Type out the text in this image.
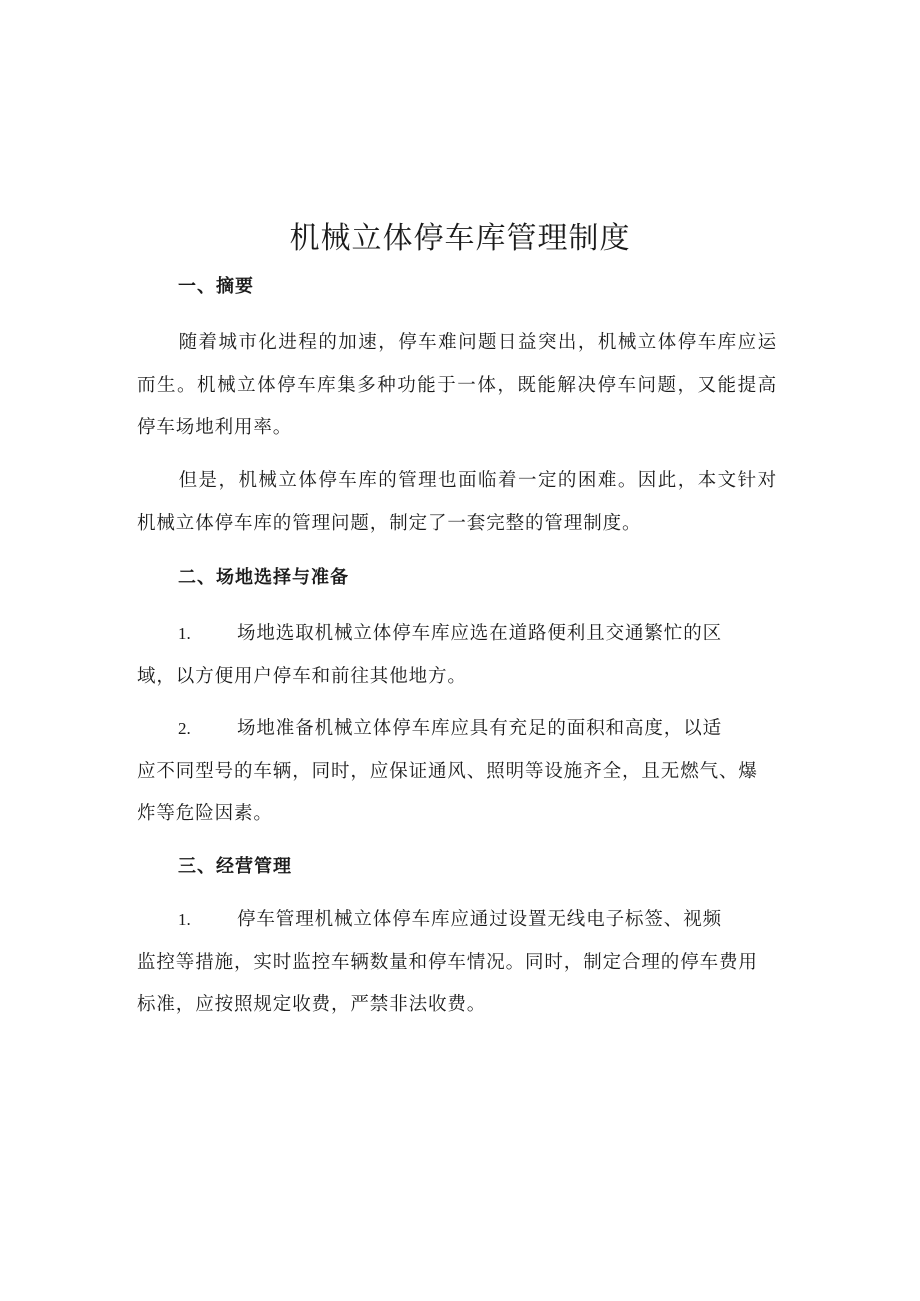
机械立体停车库管理制度
一、摘要

随着城市化进程的加速，停车难问题日益突出，机械立体停车库应运而生。机械立体停车库集多种功能于一体，既能解决停车问题，又能提高停车场地利用率。

但是，机械立体停车库的管理也面临着一定的困难。因此，本文针对机械立体停车库的管理问题，制定了一套完整的管理制度。

二、场地选择与准备
1.	场地选取机械立体停车库应选在道路便利且交通繁忙的区
域，以方便用户停车和前往其他地方。
2.	场地准备机械立体停车库应具有充足的面积和高度，以适
应不同型号的车辆，同时，应保证通风、照明等设施齐全，且无燃气、爆炸等危险因素。
三、经营管理
1.	停车管理机械立体停车库应通过设置无线电子标签、视频
监控等措施，实时监控车辆数量和停车情况。同时，制定合理的停车费用标准，应按照规定收费，严禁非法收费。
